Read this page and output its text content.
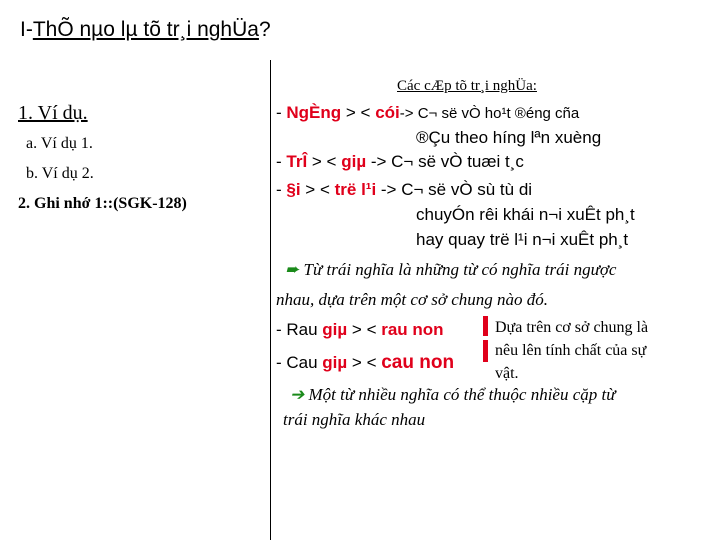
I-ThÕ nµo lµ tõ tr¸i nghÜa?
1. Ví dụ.
a. Ví dụ 1.
b. Ví dụ 2.
2. Ghi nhớ 1::(SGK-128)
Các cÆp tõ tr¸i nghÜa:
- NgÈng > < cói-> C¬ së vÒ ho¹t ®éng cña
®Çu theo híng lªn xuèng
- TrÎ > < giµ -> C¬ së vÒ tuæi t¸c
- §i > < trë l¹i -> C¬ së vÒ sù tù di
chuyÓn rêi khái n¬i xuÊt ph¸t
hay quay trë l¹i n¬i xuÊt ph¸t
➨ Từ trái nghĩa là những từ có nghĩa trái ngược
nhau, dựa trên một cơ sở chung nào đó.
- Rau giµ > < rau non
- Cau giµ > < cau non
Dựa trên cơ sở chung là
nêu lên tính chất của sự
vật.
➔ Một từ nhiều nghĩa có thể thuộc nhiều cặp từ
trái nghĩa khác nhau
